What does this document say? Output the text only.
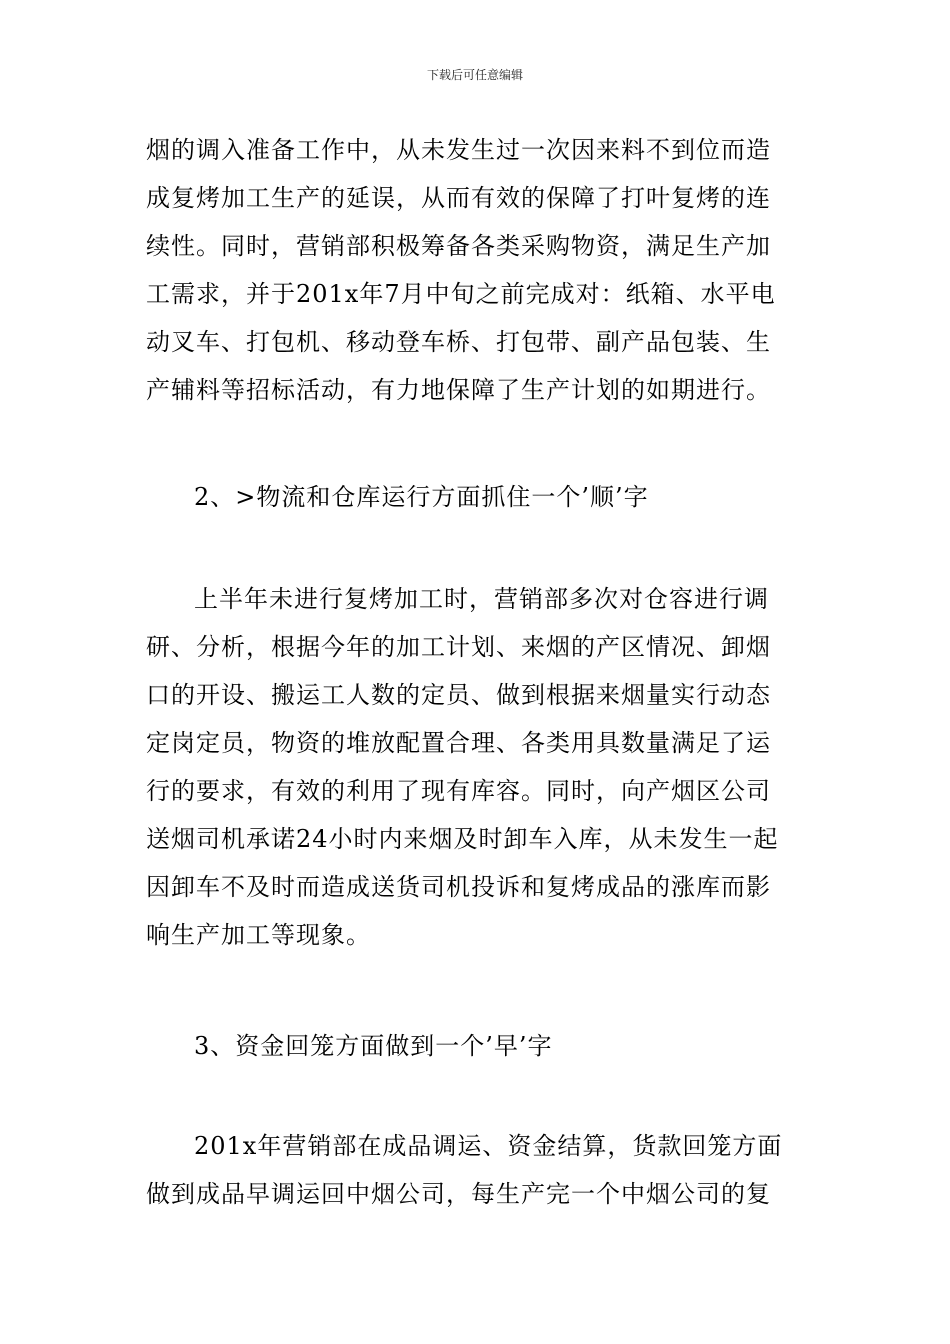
下载后可任意编辑
烟的调入准备工作中，从未发生过一次因来料不到位而造
成复烤加工生产的延误，从而有效的保障了打叶复烤的连
续性。同时，营销部积极筹备各类采购物资，满足生产加
工需求，并于201x年7月中旬之前完成对：纸箱、水平电
动叉车、打包机、移动登车桥、打包带、副产品包装、生
产辅料等招标活动，有力地保障了生产计划的如期进行。
2、>物流和仓库运行方面抓住一个’顺’字
上半年未进行复烤加工时，营销部多次对仓容进行调
研、分析，根据今年的加工计划、来烟的产区情况、卸烟
口的开设、搬运工人数的定员、做到根据来烟量实行动态
定岗定员，物资的堆放配置合理、各类用具数量满足了运
行的要求，有效的利用了现有库容。同时，向产烟区公司
送烟司机承诺24小时内来烟及时卸车入库，从未发生一起
因卸车不及时而造成送货司机投诉和复烤成品的涨库而影
响生产加工等现象。
3、资金回笼方面做到一个’早’字
201x年营销部在成品调运、资金结算，货款回笼方面
做到成品早调运回中烟公司，每生产完一个中烟公司的复
